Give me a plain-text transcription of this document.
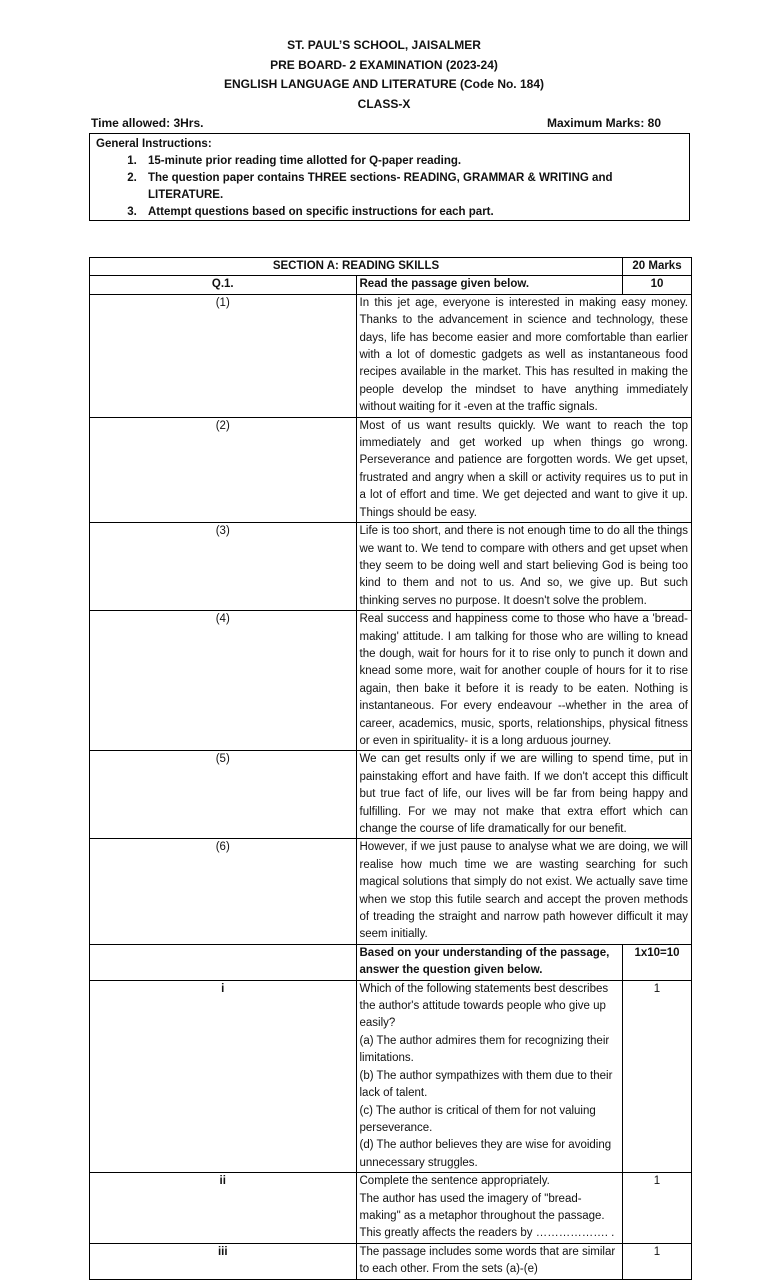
ST. PAUL’S SCHOOL, JAISALMER
PRE BOARD- 2 EXAMINATION (2023-24)
ENGLISH LANGUAGE AND LITERATURE (Code No. 184)
CLASS-X
Time allowed: 3Hrs.	Maximum Marks: 80
General Instructions:
1. 15-minute prior reading time allotted for Q-paper reading.
2. The question paper contains THREE sections- READING, GRAMMAR & WRITING and LITERATURE.
3. Attempt questions based on specific instructions for each part.
SECTION A: READING SKILLS		20 Marks
Q.1.	Read the passage given below.	10
(1)	In this jet age, everyone is interested in making easy money. Thanks to the advancement in science and technology, these days, life has become easier and more comfortable than earlier with a lot of domestic gadgets as well as instantaneous food recipes available in the market. This has resulted in making the people develop the mindset to have anything immediately without waiting for it -even at the traffic signals.	
(2)	Most of us want results quickly. We want to reach the top immediately and get worked up when things go wrong. Perseverance and patience are forgotten words. We get upset, frustrated and angry when a skill or activity requires us to put in a lot of effort and time. We get dejected and want to give it up. Things should be easy.	
(3)	Life is too short, and there is not enough time to do all the things we want to. We tend to compare with others and get upset when they seem to be doing well and start believing God is being too kind to them and not to us. And so, we give up. But such thinking serves no purpose. It doesn't solve the problem.	
(4)	Real success and happiness come to those who have a 'bread-making' attitude. I am talking for those who are willing to knead the dough, wait for hours for it to rise only to punch it down and knead some more, wait for another couple of hours for it to rise again, then bake it before it is ready to be eaten. Nothing is instantaneous. For every endeavour --whether in the area of career, academics, music, sports, relationships, physical fitness or even in spirituality- it is a long arduous journey.	
(5)	We can get results only if we are willing to spend time, put in painstaking effort and have faith. If we don't accept this difficult but true fact of life, our lives will be far from being happy and fulfilling. For we may not make that extra effort which can change the course of life dramatically for our benefit.	
(6)	However, if we just pause to analyse what we are doing, we will realise how much time we are wasting searching for such magical solutions that simply do not exist. We actually save time when we stop this futile search and accept the proven methods of treading the straight and narrow path however difficult it may seem initially.	
	Based on your understanding of the passage, answer the question given below.	1x10=10
i	Which of the following statements best describes the author's attitude towards people who give up easily?
(a) The author admires them for recognizing their limitations.
(b) The author sympathizes with them due to their lack of talent.
(c) The author is critical of them for not valuing perseverance.
(d) The author believes they are wise for avoiding unnecessary struggles.	1
ii	Complete the sentence appropriately.
The author has used the imagery of "bread- making" as a metaphor throughout the passage. This greatly affects the readers by ………………. .	1
iii	The passage includes some words that are similar to each other. From the sets (a)-(e)	1
